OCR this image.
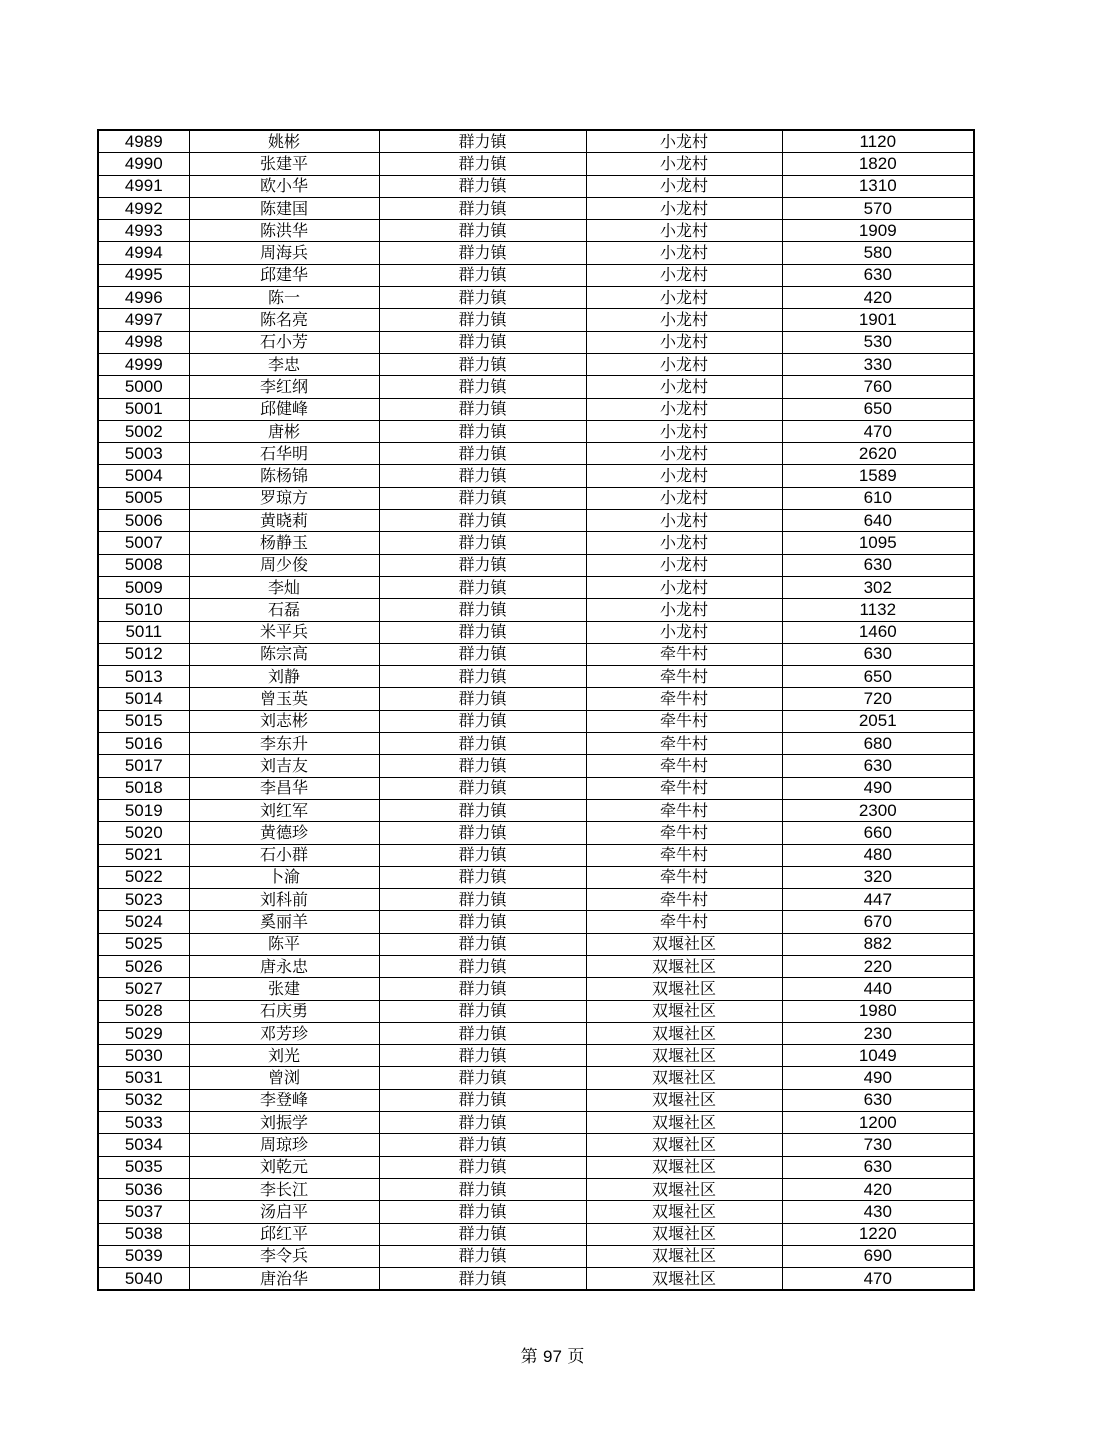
4989	姚彬	群力镇	小龙村	1120
4990	张建平	群力镇	小龙村	1820
4991	欧小华	群力镇	小龙村	1310
4992	陈建国	群力镇	小龙村	570
4993	陈洪华	群力镇	小龙村	1909
4994	周海兵	群力镇	小龙村	580
4995	邱建华	群力镇	小龙村	630
4996	陈一	群力镇	小龙村	420
4997	陈名亮	群力镇	小龙村	1901
4998	石小芳	群力镇	小龙村	530
4999	李忠	群力镇	小龙村	330
5000	李红纲	群力镇	小龙村	760
5001	邱健峰	群力镇	小龙村	650
5002	唐彬	群力镇	小龙村	470
5003	石华明	群力镇	小龙村	2620
5004	陈杨锦	群力镇	小龙村	1589
5005	罗琼方	群力镇	小龙村	610
5006	黄晓莉	群力镇	小龙村	640
5007	杨静玉	群力镇	小龙村	1095
5008	周少俊	群力镇	小龙村	630
5009	李灿	群力镇	小龙村	302
5010	石磊	群力镇	小龙村	1132
5011	米平兵	群力镇	小龙村	1460
5012	陈宗高	群力镇	牵牛村	630
5013	刘静	群力镇	牵牛村	650
5014	曾玉英	群力镇	牵牛村	720
5015	刘志彬	群力镇	牵牛村	2051
5016	李东升	群力镇	牵牛村	680
5017	刘吉友	群力镇	牵牛村	630
5018	李昌华	群力镇	牵牛村	490
5019	刘红军	群力镇	牵牛村	2300
5020	黄德珍	群力镇	牵牛村	660
5021	石小群	群力镇	牵牛村	480
5022	卜渝	群力镇	牵牛村	320
5023	刘科前	群力镇	牵牛村	447
5024	奚丽羊	群力镇	牵牛村	670
5025	陈平	群力镇	双堰社区	882
5026	唐永忠	群力镇	双堰社区	220
5027	张建	群力镇	双堰社区	440
5028	石庆勇	群力镇	双堰社区	1980
5029	邓芳珍	群力镇	双堰社区	230
5030	刘光	群力镇	双堰社区	1049
5031	曾浏	群力镇	双堰社区	490
5032	李登峰	群力镇	双堰社区	630
5033	刘振学	群力镇	双堰社区	1200
5034	周琼珍	群力镇	双堰社区	730
5035	刘乾元	群力镇	双堰社区	630
5036	李长江	群力镇	双堰社区	420
5037	汤启平	群力镇	双堰社区	430
5038	邱红平	群力镇	双堰社区	1220
5039	李令兵	群力镇	双堰社区	690
5040	唐治华	群力镇	双堰社区	470
第 97 页
